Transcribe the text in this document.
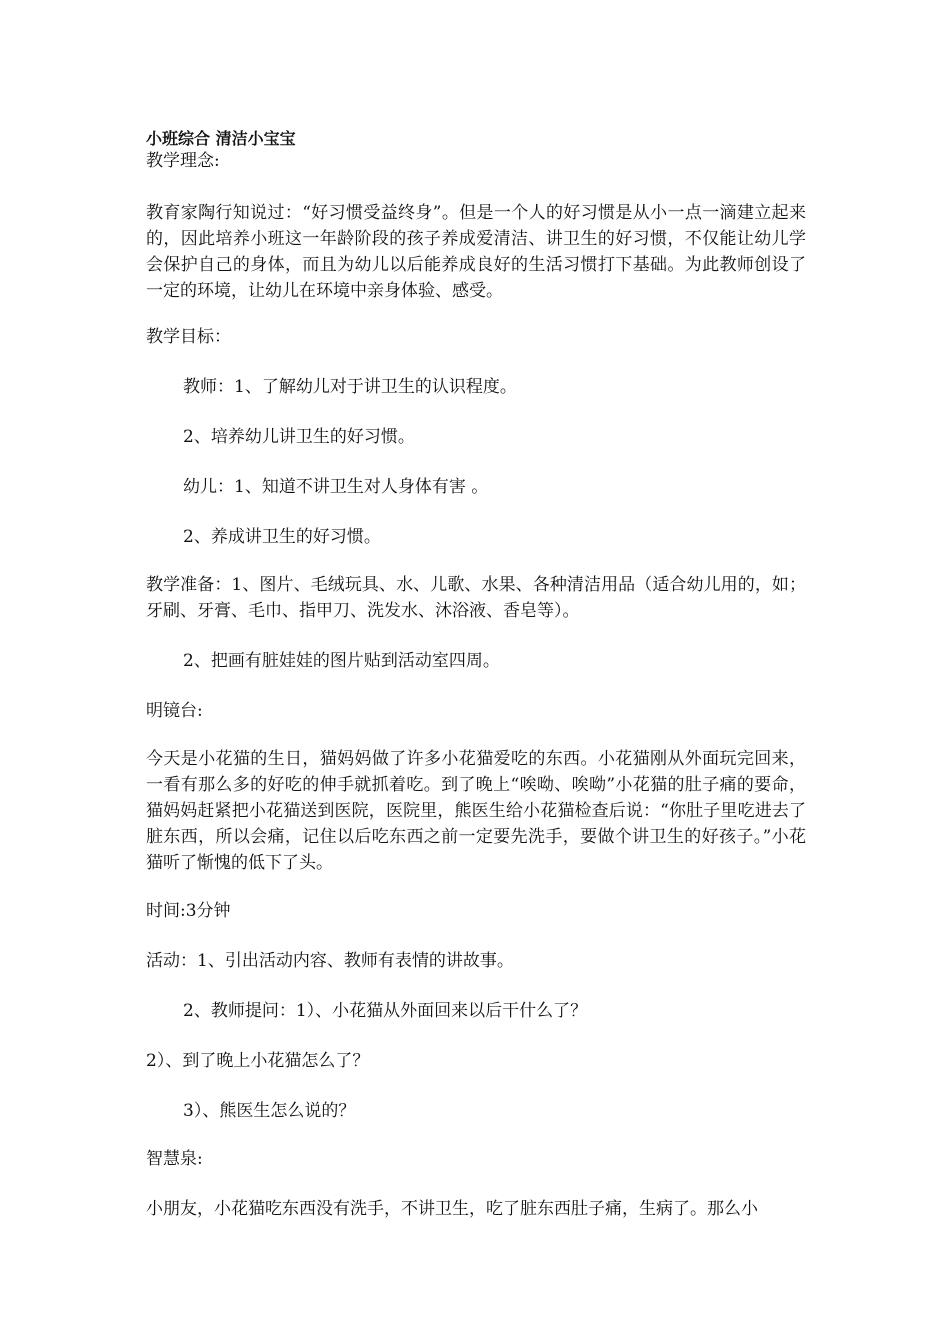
小班综合 清洁小宝宝

教学理念:

教育家陶行知说过：“好习惯受益终身”。但是一个人的好习惯是从小一点一滴建立起来的，因此培养小班这一年龄阶段的孩子养成爱清洁、讲卫生的好习惯，不仅能让幼儿学会保护自己的身体，而且为幼儿以后能养成良好的生活习惯打下基础。为此教师创设了一定的环境，让幼儿在环境中亲身体验、感受。

教学目标：

教师：1、了解幼儿对于讲卫生的认识程度。

2、培养幼儿讲卫生的好习惯。

幼儿：1、知道不讲卫生对人身体有害 。

2、养成讲卫生的好习惯。

教学准备：1、图片、毛绒玩具、水、儿歌、水果、各种清洁用品（适合幼儿用的，如；牙刷、牙膏、毛巾、指甲刀、洗发水、沐浴液、香皂等）。

2、把画有脏娃娃的图片贴到活动室四周。

明镜台:

今天是小花猫的生日，猫妈妈做了许多小花猫爱吃的东西。小花猫刚从外面玩完回来，一看有那么多的好吃的伸手就抓着吃。到了晚上“唉呦、唉呦”小花猫的肚子痛的要命，猫妈妈赶紧把小花猫送到医院，医院里，熊医生给小花猫检查后说：“你肚子里吃进去了脏东西，所以会痛，记住以后吃东西之前一定要先洗手，要做个讲卫生的好孩子。”小花猫听了惭愧的低下了头。

时间:3分钟

活动：1、引出活动内容、教师有表情的讲故事。

2、教师提问：1）、小花猫从外面回来以后干什么了？

2）、到了晚上小花猫怎么了？

3）、熊医生怎么说的？

智慧泉:

小朋友，小花猫吃东西没有洗手，不讲卫生，吃了脏东西肚子痛，生病了。那么小
